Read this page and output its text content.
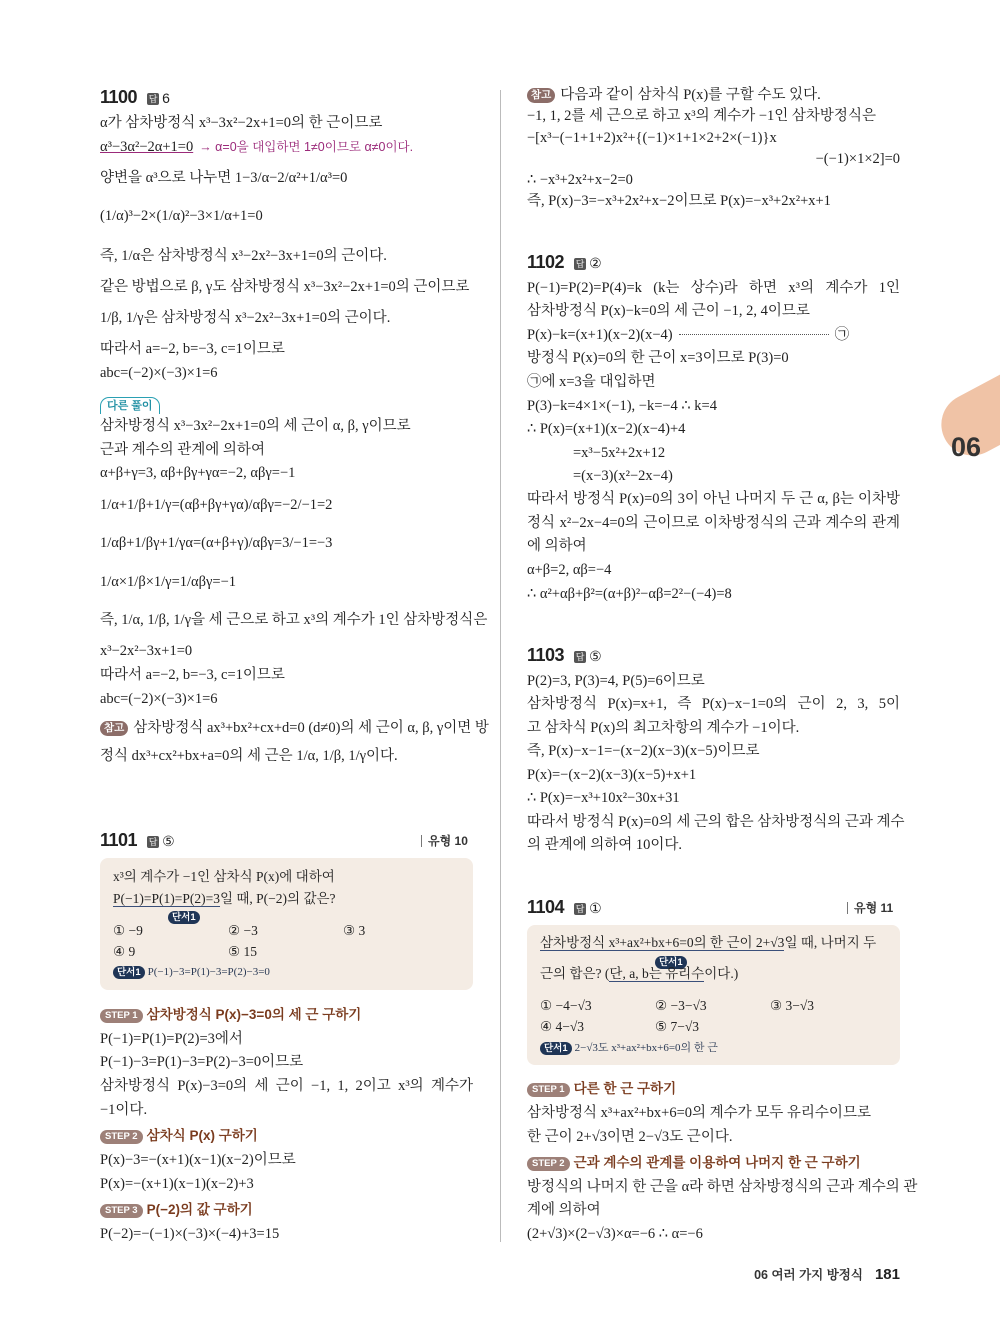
1100 답 6
1101 답 ⑤	유형 10
x³의 계수가 −1인 삼차식 P(x)에 대하여
P(−1)=P(1)=P(2)=3일 때, P(−2)의 값은?
단서1
① −9	② −3	③ 3
④ 9	⑤ 15
단서1 P(−1)−3=P(1)−3=P(2)−3=0
1102 답 ②
1103 답 ⑤
1104 답 ①	유형 11
삼차방정식 x³+ax²+bx+6=0의 한 근이 2+√3일 때, 나머지 두
단서1
근의 합은? (단, a, b는 유리수이다.)
① −4−√3	② −3−√3	③ 3−√3
④ 4−√3	⑤ 7−√3
단서1 2−√3도 x³+ax²+bx+6=0의 한 근
α가 삼차방정식 x³−3x²−2x+1=0의 한 근이므로
α³−3α²−2α+1=0 → α=0을 대입하면 1≠0이므로 α≠0이다.
양변을 α³으로 나누면 1−3/α−2/α²+1/α³=0
(1/α)³−2×(1/α)²−3×1/α+1=0
즉, 1/α은 삼차방정식 x³−2x²−3x+1=0의 근이다.
같은 방법으로 β, γ도 삼차방정식 x³−3x²−2x+1=0의 근이므로
1/β, 1/γ은 삼차방정식 x³−2x²−3x+1=0의 근이다.
따라서 a=−2, b=−3, c=1이므로
abc=(−2)×(−3)×1=6
다른 풀이
삼차방정식 x³−3x²−2x+1=0의 세 근이 α, β, γ이므로
근과 계수의 관계에 의하여
α+β+γ=3, αβ+βγ+γα=−2, αβγ=−1
1/α+1/β+1/γ=(αβ+βγ+γα)/αβγ=−2/−1=2
1/αβ+1/βγ+1/γα=(α+β+γ)/αβγ=3/−1=−3
1/α×1/β×1/γ=1/αβγ=−1
즉, 1/α, 1/β, 1/γ을 세 근으로 하고 x³의 계수가 1인 삼차방정식은
x³−2x²−3x+1=0
따라서 a=−2, b=−3, c=1이므로
abc=(−2)×(−3)×1=6
참고 삼차방정식 ax³+bx²+cx+d=0 (d≠0)의 세 근이 α, β, γ이면 방
정식 dx³+cx²+bx+a=0의 세 근은 1/α, 1/β, 1/γ이다.
STEP 1 삼차방정식 P(x)−3=0의 세 근 구하기
P(−1)=P(1)=P(2)=3에서
P(−1)−3=P(1)−3=P(2)−3=0이므로
삼차방정식 P(x)−3=0의 세 근이 −1, 1, 2이고 x³의 계수가
−1이다.
STEP 2 삼차식 P(x) 구하기
P(x)−3=−(x+1)(x−1)(x−2)이므로
P(x)=−(x+1)(x−1)(x−2)+3
STEP 3 P(−2)의 값 구하기
P(−2)=−(−1)×(−3)×(−4)+3=15
참고 다음과 같이 삼차식 P(x)를 구할 수도 있다.
−1, 1, 2를 세 근으로 하고 x³의 계수가 −1인 삼차방정식은
−[x³−(−1+1+2)x²+{(−1)×1+1×2+2×(−1)}x
−(−1)×1×2]=0
∴ −x³+2x²+x−2=0
즉, P(x)−3=−x³+2x²+x−2이므로 P(x)=−x³+2x²+x+1
P(−1)=P(2)=P(4)=k (k는 상수)라 하면 x³의 계수가 1인
삼차방정식 P(x)−k=0의 세 근이 −1, 2, 4이므로
P(x)−k=(x+1)(x−2)(x−4)	㉠
방정식 P(x)=0의 한 근이 x=3이므로 P(3)=0
㉠에 x=3을 대입하면
P(3)−k=4×1×(−1), −k=−4 ∴ k=4
∴ P(x)=(x+1)(x−2)(x−4)+4
=x³−5x²+2x+12
=(x−3)(x²−2x−4)
따라서 방정식 P(x)=0의 3이 아닌 나머지 두 근 α, β는 이차방
정식 x²−2x−4=0의 근이므로 이차방정식의 근과 계수의 관계
에 의하여
α+β=2, αβ=−4
∴ α²+αβ+β²=(α+β)²−αβ=2²−(−4)=8
P(2)=3, P(3)=4, P(5)=6이므로
삼차방정식 P(x)=x+1, 즉 P(x)−x−1=0의 근이 2, 3, 5이
고 삼차식 P(x)의 최고차항의 계수가 −1이다.
즉, P(x)−x−1=−(x−2)(x−3)(x−5)이므로
P(x)=−(x−2)(x−3)(x−5)+x+1
∴ P(x)=−x³+10x²−30x+31
따라서 방정식 P(x)=0의 세 근의 합은 삼차방정식의 근과 계수
의 관계에 의하여 10이다.
STEP 1 다른 한 근 구하기
삼차방정식 x³+ax²+bx+6=0의 계수가 모두 유리수이므로
한 근이 2+√3이면 2−√3도 근이다.
STEP 2 근과 계수의 관계를 이용하여 나머지 한 근 구하기
방정식의 나머지 한 근을 α라 하면 삼차방정식의 근과 계수의 관
계에 의하여
(2+√3)×(2−√3)×α=−6 ∴ α=−6
06
06 여러 가지 방정식 181
